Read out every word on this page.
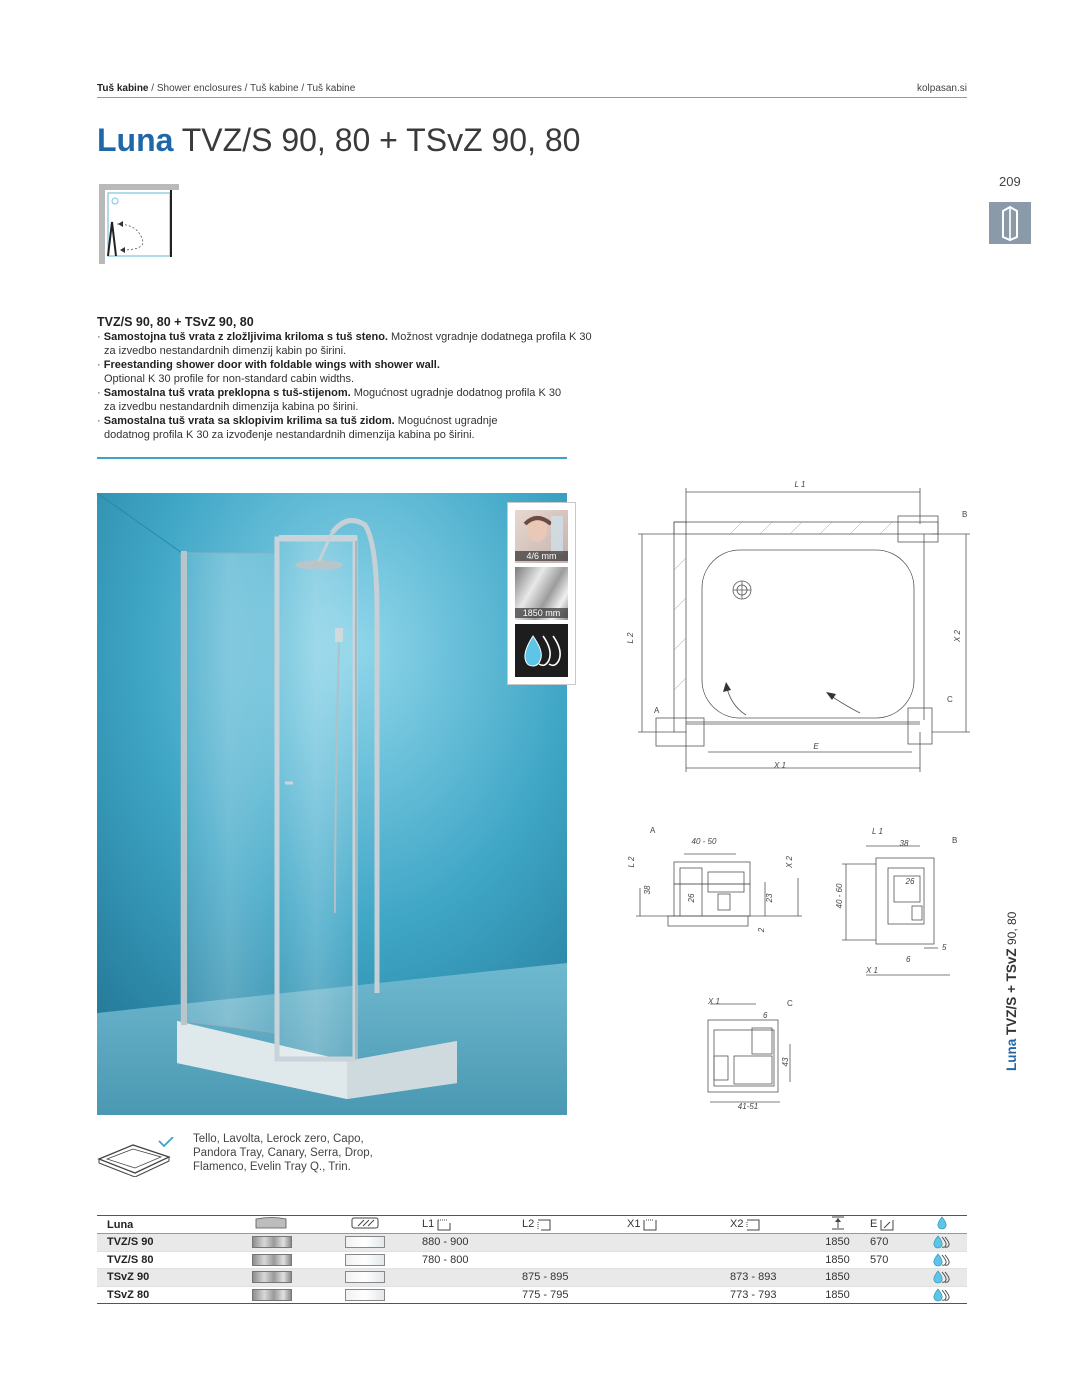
Tuš kabine / Shower enclosures / Tuš kabine / Tuš kabine	kolpasan.si
Luna TVZ/S 90, 80 + TSvZ 90, 80
209
Luna TVZ/S + TSvZ 90, 80
TVZ/S 90, 80 + TSvZ 90, 80
· Samostojna tuš vrata z zložljivima kriloma s tuš steno. Možnost vgradnje dodatnega profila K 30
za izvedbo nestandardnih dimenzij kabin po širini.
· Freestanding shower door with foldable wings with shower wall.
Optional K 30 profile for non-standard cabin widths.
· Samostalna tuš vrata preklopna s tuš-stijenom. Mogućnost ugradnje dodatnog profila K 30
za izvedbu nestandardnih dimenzija kabina po širini.
· Samostalna tuš vrata sa sklopivim krilima sa tuš zidom. Mogućnost ugradnje
dodatnog profila K 30 za izvođenje nestandardnih dimenzija kabina po širini.
4/6 mm
1850 mm
L 1
L 2	X 2
E
X 1
B
A
C
A
40 - 50
L 2
38
26	23
X 2
2
L 1
B
38
26
40 - 60
5
6
X 1
X 1	C
6
43
41-51
Tello, Lavolta, Lerock zero, Capo, Pandora Tray, Canary, Serra, Drop, Flamenco, Evelin Tray Q., Trin.
Luna			L1	L2	X1	X2		E	
TVZ/S 90			880 - 900				1850	670	
TVZ/S 80			780 - 800				1850	570	
TSvZ 90				875 - 895		873 - 893	1850		
TSvZ 80				775 - 795		773 - 793	1850		
